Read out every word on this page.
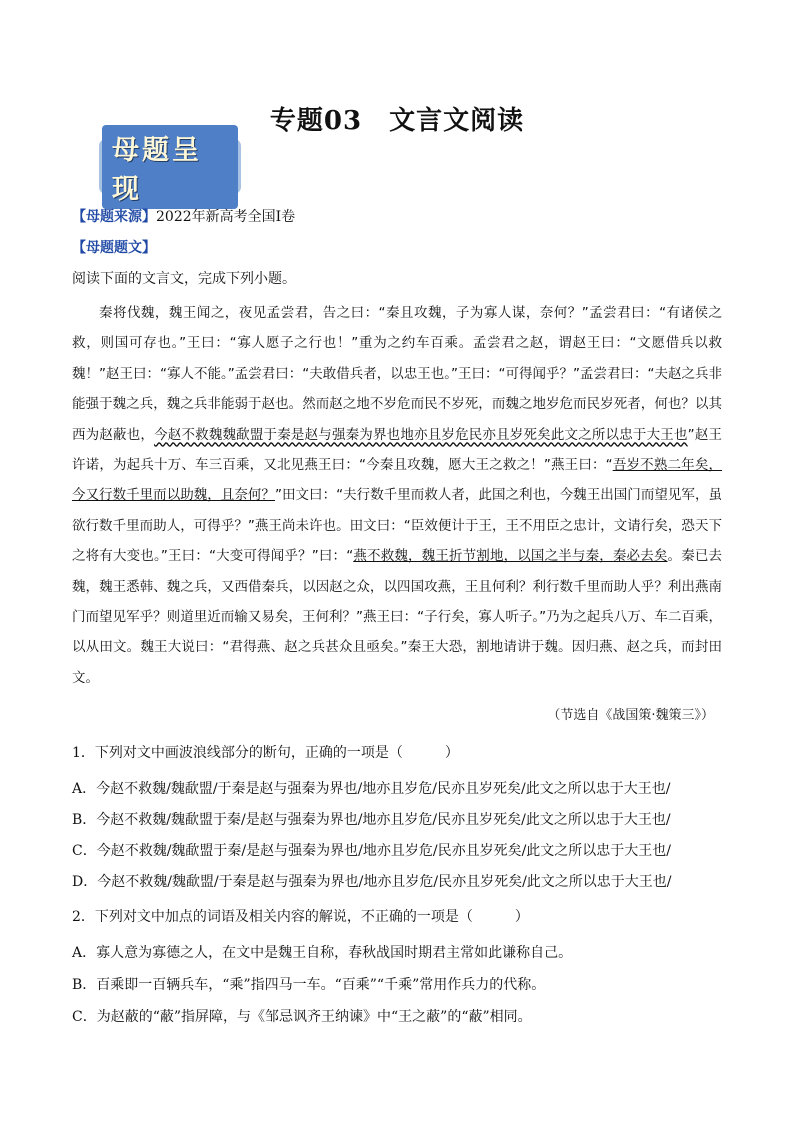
专题03　文言文阅读
母题呈现
【母题来源】2022年新高考全国Ⅰ卷
【母题题文】
阅读下面的文言文，完成下列小题。

秦将伐魏，魏王闻之，夜见孟尝君，告之曰：“秦且攻魏，子为寡人谋，奈何？”孟尝君曰：“有诸侯之救，则国可存也。”王曰：“寡人愿子之行也！”重为之约车百乘。孟尝君之赵，谓赵王曰：“文愿借兵以救魏！”赵王曰：“寡人不能。”孟尝君曰：“夫敢借兵者，以忠王也。”王曰：“可得闻乎？”孟尝君曰：“夫赵之兵非能强于魏之兵，魏之兵非能弱于赵也。然而赵之地不岁危而民不岁死，而魏之地岁危而民岁死者，何也？以其西为赵蔽也，今赵不救魏魏歃盟于秦是赵与强秦为界也地亦且岁危民亦且岁死矣此文之所以忠于大王也”赵王许诺，为起兵十万、车三百乘，又北见燕王曰：“今秦且攻魏，愿大王之救之！”燕王曰：“吾岁不熟二年矣，今又行数千里而以助魏，且奈何？”田文曰：“夫行数千里而救人者，此国之利也，今魏王出国门而望见军，虽欲行数千里而助人，可得乎？”燕王尚未许也。田文曰：“臣效便计于王，王不用臣之忠计，文请行矣，恐天下之将有大变也。”王曰：“大变可得闻乎？”曰：“燕不救魏，魏王折节割地，以国之半与秦，秦必去矣。秦已去魏，魏王悉韩、魏之兵，又西借秦兵，以因赵之众，以四国攻燕，王且何利？利行数千里而助人乎？利出燕南门而望见军乎？则道里近而输又易矣，王何利？”燕王曰：“子行矣，寡人听子。”乃为之起兵八万、车二百乘，以从田文。魏王大说曰：“君得燕、赵之兵甚众且亟矣。”秦王大恐，割地请讲于魏。因归燕、赵之兵，而封田文。

（节选自《战国策·魏策三》）
1．下列对文中画波浪线部分的断句，正确的一项是（　　　）
A．今赵不救魏/魏歃盟/于秦是赵与强秦为界也/地亦且岁危/民亦且岁死矣/此文之所以忠于大王也/
B．今赵不救魏/魏歃盟于秦/是赵与强秦为界也/地亦且岁危/民亦且岁死矣/此文之所以忠于大王也/
C．今赵不救魏/魏歃盟于秦/是赵与强秦为界也/地亦且岁危/民亦且岁死矣/此文之所以忠于大王也/
D．今赵不救魏/魏歃盟/于秦是赵与强秦为界也/地亦且岁危/民亦且岁死矣/此文之所以忠于大王也/
2．下列对文中加点的词语及相关内容的解说，不正确的一项是（　　　）
A．寡人意为寡德之人，在文中是魏王自称，春秋战国时期君主常如此谦称自己。
B．百乘即一百辆兵车，“乘”指四马一车。“百乘”“千乘”常用作兵力的代称。
C．为赵蔽的“蔽”指屏障，与《邹忌讽齐王纳谏》中“王之蔽”的“蔽”相同。
